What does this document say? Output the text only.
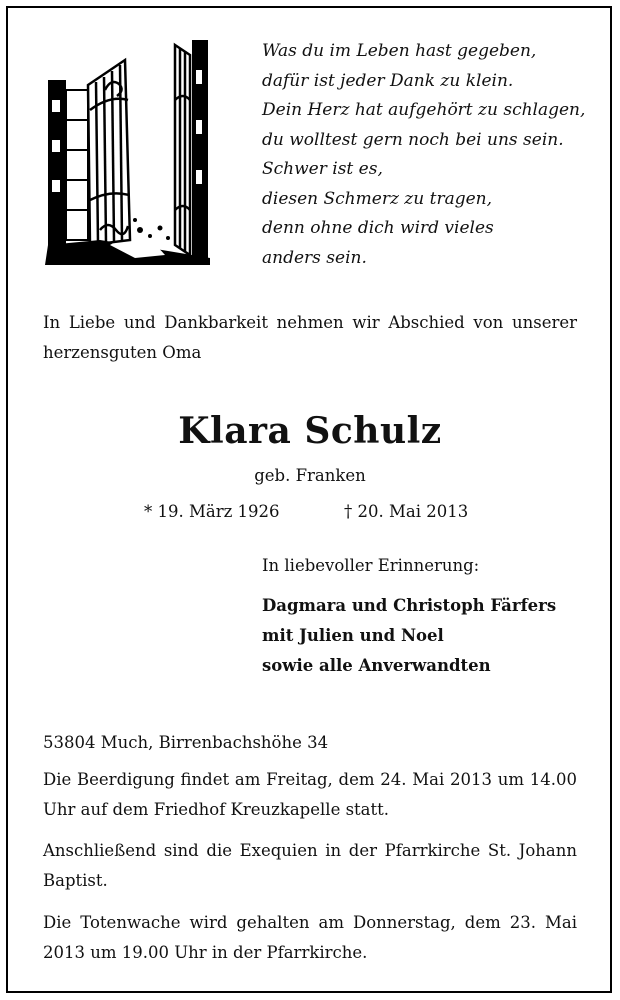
Was du im Leben hast gegeben,
dafür ist jeder Dank zu klein.
Dein Herz hat aufgehört zu schlagen,
du wolltest gern noch bei uns sein.
Schwer ist es,
diesen Schmerz zu tragen,
denn ohne dich wird vieles
anders sein.
In Liebe und Dankbarkeit nehmen wir Abschied von unserer herzensguten Oma
Klara Schulz
geb. Franken
* 19. März 1926	† 20. Mai 2013
In liebevoller Erinnerung:
Dagmara und Christoph Färfers
mit Julien und Noel
sowie alle Anverwandten
53804 Much, Birrenbachshöhe 34
Die Beerdigung findet am Freitag, dem 24. Mai 2013 um 14.00 Uhr auf dem Friedhof Kreuzkapelle statt.
Anschließend sind die Exequien in der Pfarrkirche St. Johann Baptist.
Die Totenwache wird gehalten am Donnerstag, dem 23. Mai 2013 um 19.00 Uhr in der Pfarrkirche.
